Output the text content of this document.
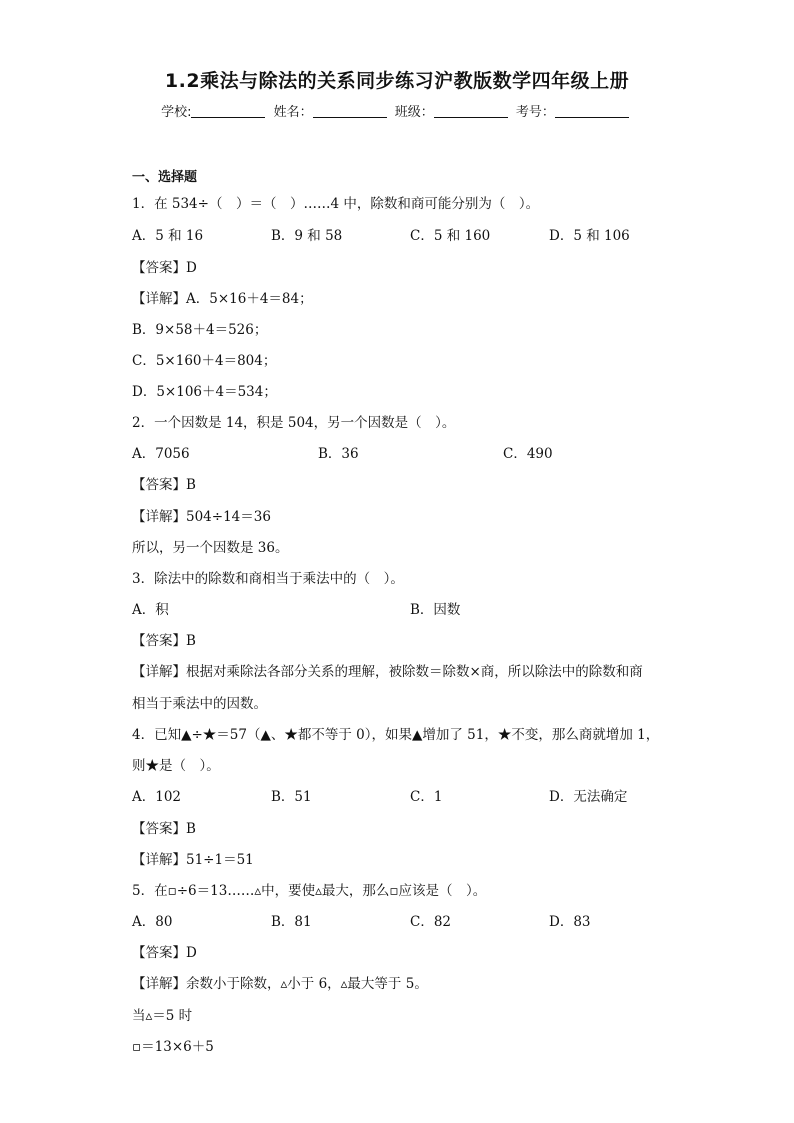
1.2乘法与除法的关系同步练习沪教版数学四年级上册
学校:	姓名：	班级：	考号：
一、选择题
1．在 534÷（　）＝（　）……4 中，除数和商可能分别为（　）。
A．5 和 16	B．9 和 58	C．5 和 160	D．5 和 106
【答案】D
【详解】A．5×16＋4＝84；
B．9×58＋4＝526；
C．5×160＋4＝804；
D．5×106＋4＝534；
2．一个因数是 14，积是 504，另一个因数是（　）。
A．7056	B．36	C．490
【答案】B
【详解】504÷14＝36
所以，另一个因数是 36。
3．除法中的除数和商相当于乘法中的（　）。
A．积	B．因数
【答案】B
【详解】根据对乘除法各部分关系的理解，被除数＝除数×商，所以除法中的除数和商
相当于乘法中的因数。
4．已知▲÷★＝57（▲、★都不等于 0），如果▲增加了 51，★不变，那么商就增加 1，
则★是（　）。
A．102	B．51	C．1	D．无法确定
【答案】B
【详解】51÷1＝51
5．在▫÷6＝13……▵中，要使▵最大，那么▫应该是（　）。
A．80	B．81	C．82	D．83
【答案】D
【详解】余数小于除数，▵小于 6，▵最大等于 5。
当▵＝5 时
▫＝13×6＋5
